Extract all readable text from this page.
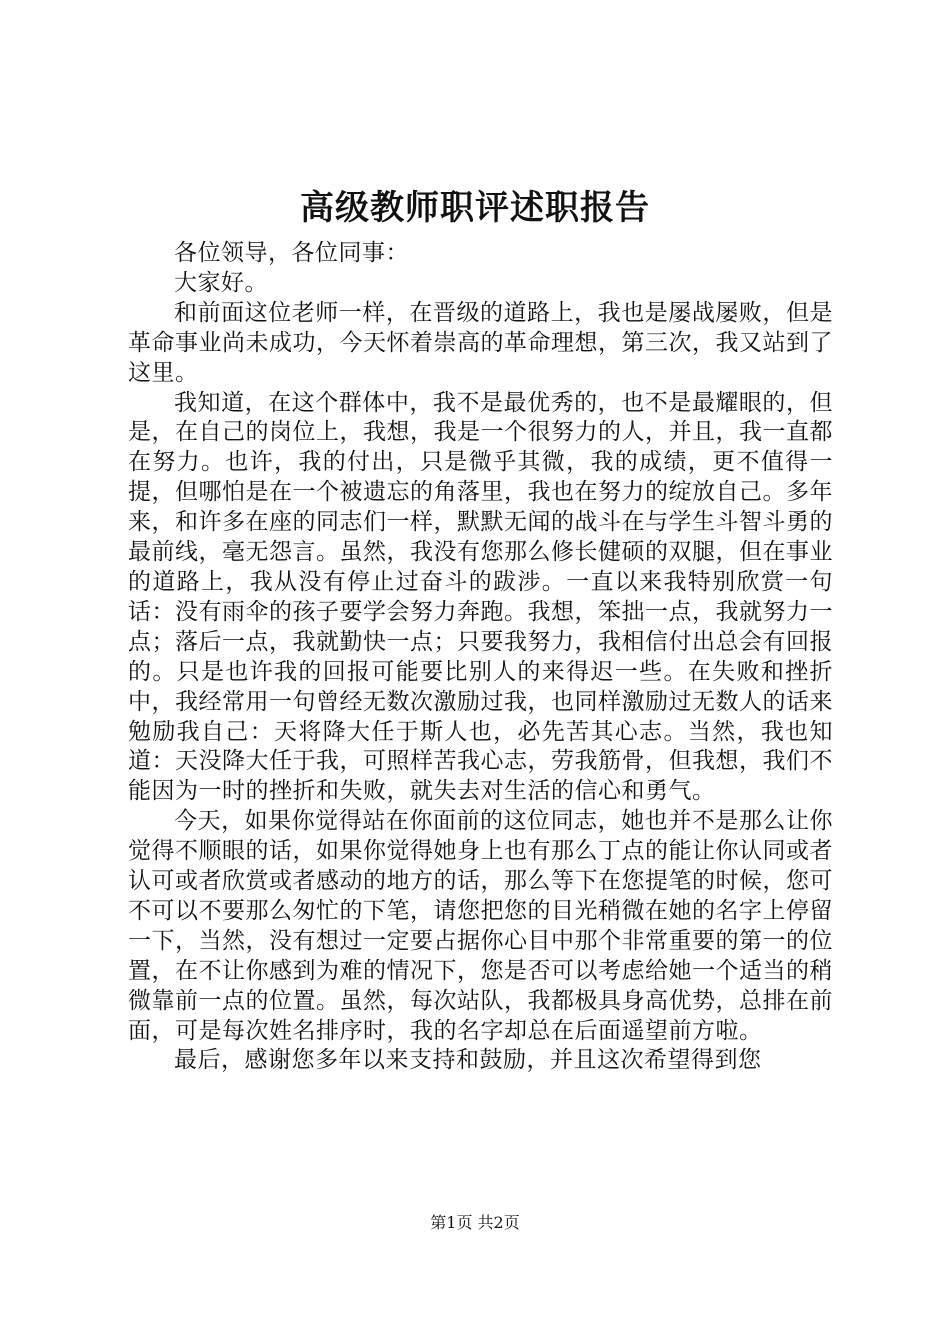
高级教师职评述职报告

各位领导，各位同事：

大家好。

和前面这位老师一样，在晋级的道路上，我也是屡战屡败，但是革命事业尚未成功，今天怀着崇高的革命理想，第三次，我又站到了这里。

我知道，在这个群体中，我不是最优秀的，也不是最耀眼的，但是，在自己的岗位上，我想，我是一个很努力的人，并且，我一直都在努力。也许，我的付出，只是微乎其微，我的成绩，更不值得一提，但哪怕是在一个被遗忘的角落里，我也在努力的绽放自己。多年来，和许多在座的同志们一样，默默无闻的战斗在与学生斗智斗勇的最前线，毫无怨言。虽然，我没有您那么修长健硕的双腿，但在事业的道路上，我从没有停止过奋斗的跋涉。一直以来我特别欣赏一句话：没有雨伞的孩子要学会努力奔跑。我想，笨拙一点，我就努力一点；落后一点，我就勤快一点；只要我努力，我相信付出总会有回报的。只是也许我的回报可能要比别人的来得迟一些。在失败和挫折中，我经常用一句曾经无数次激励过我，也同样激励过无数人的话来勉励我自己：天将降大任于斯人也，必先苦其心志。当然，我也知道：天没降大任于我，可照样苦我心志，劳我筋骨，但我想，我们不能因为一时的挫折和失败，就失去对生活的信心和勇气。

今天，如果你觉得站在你面前的这位同志，她也并不是那么让你觉得不顺眼的话，如果你觉得她身上也有那么丁点的能让你认同或者认可或者欣赏或者感动的地方的话，那么等下在您提笔的时候，您可不可以不要那么匆忙的下笔，请您把您的目光稍微在她的名字上停留一下，当然，没有想过一定要占据你心目中那个非常重要的第一的位置，在不让你感到为难的情况下，您是否可以考虑给她一个适当的稍微靠前一点的位置。虽然，每次站队，我都极具身高优势，总排在前面，可是每次姓名排序时，我的名字却总在后面遥望前方啦。

最后，感谢您多年以来支持和鼓励，并且这次希望得到您

第1页 共2页
